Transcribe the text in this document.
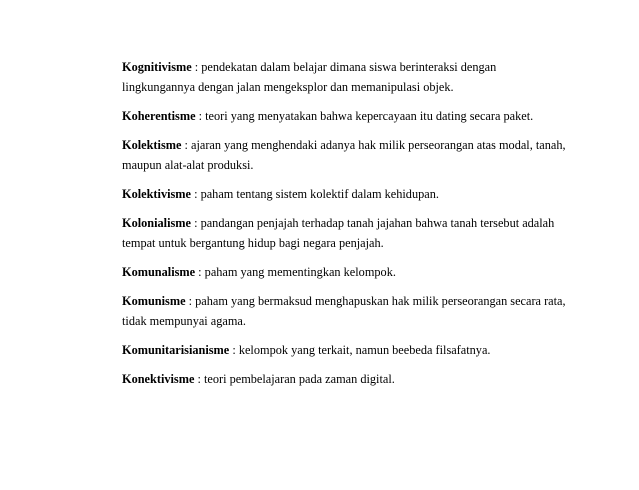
Kognitivisme : pendekatan dalam belajar dimana siswa berinteraksi dengan
lingkungannya dengan jalan mengeksplor dan memanipulasi objek.
Koherentisme : teori yang menyatakan bahwa kepercayaan itu dating secara paket.
Kolektisme : ajaran yang menghendaki adanya hak milik perseorangan atas modal, tanah,
maupun alat-alat produksi.
Kolektivisme : paham tentang sistem kolektif dalam kehidupan.
Kolonialisme : pandangan penjajah terhadap tanah jajahan bahwa tanah tersebut adalah
tempat untuk bergantung hidup bagi negara penjajah.
Komunalisme : paham yang mementingkan kelompok.
Komunisme : paham yang bermaksud menghapuskan hak milik perseorangan secara rata,
tidak mempunyai agama.
Komunitarisianisme : kelompok yang terkait, namun beebeda filsafatnya.
Konektivisme : teori pembelajaran pada zaman digital.
